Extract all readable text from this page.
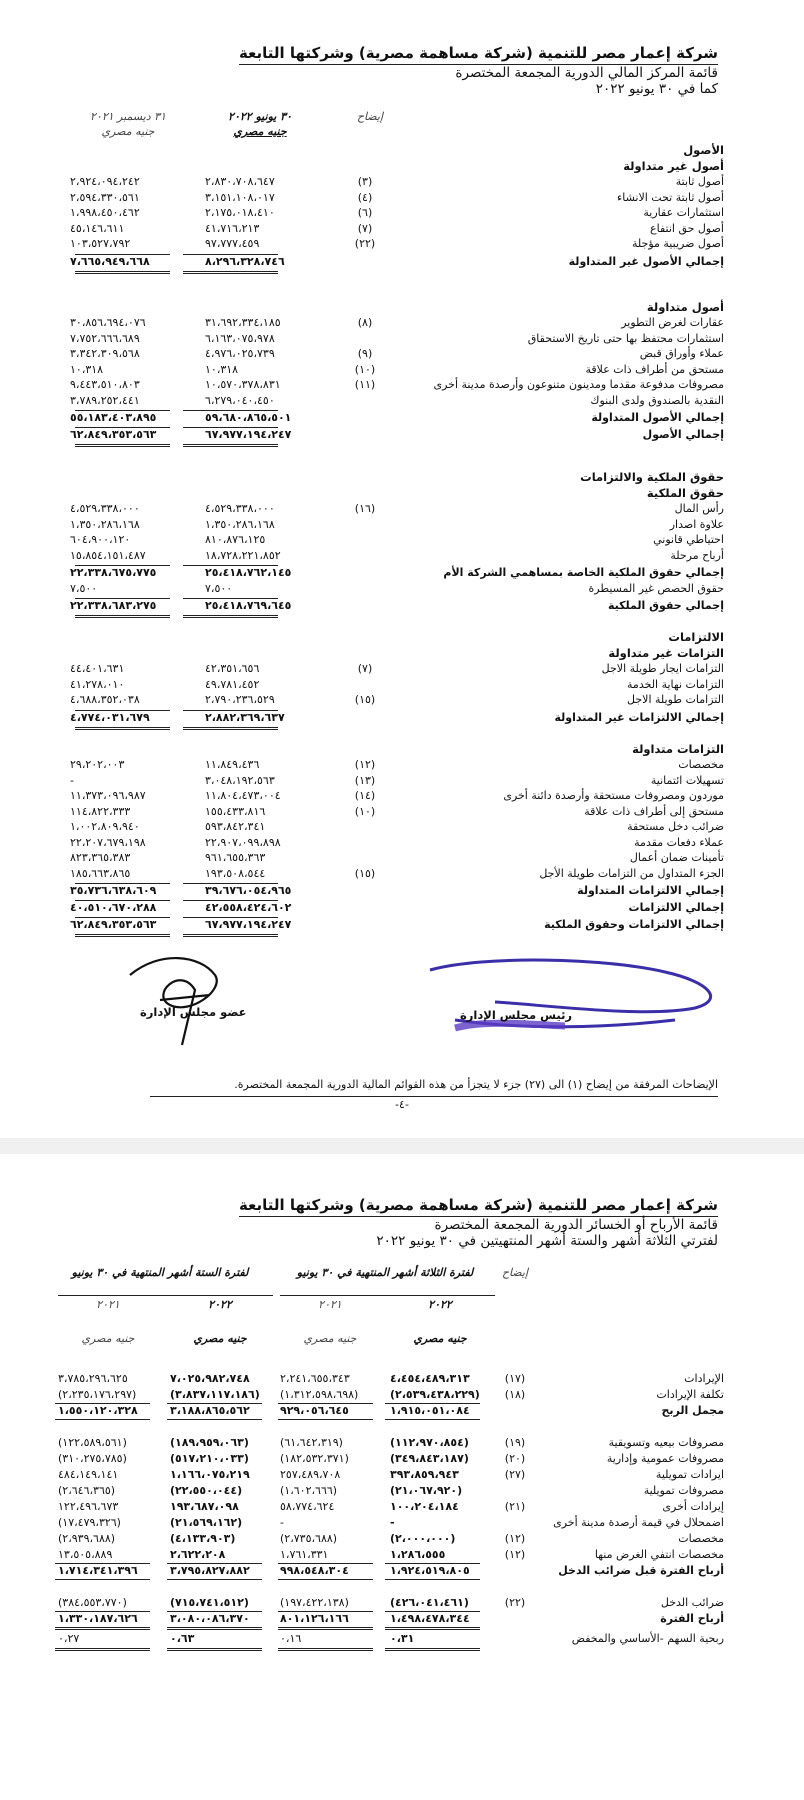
شركة إعمار مصر للتنمية (شركة مساهمة مصرية) وشركتها التابعة
قائمة المركز المالي الدورية المجمعة المختصرة
كما في ٣٠ يونيو ٢٠٢٢
إيضاح
٣٠ يونيو ٢٠٢٢
جنيه مصري
٣١ ديسمبر ٢٠٢١
جنيه مصري
الأصول
أصول غير متداولة
أصول ثابتة
(٣)
٢،٨٣٠،٧٠٨،٦٤٧
٢،٩٢٤،٠٩٤،٢٤٢
أصول ثابتة تحت الانشاء
(٤)
٣،١٥١،١٠٨،٠١٧
٢،٥٩٤،٣٣٠،٥٦١
استثمارات عقارية
(٦)
٢،١٧٥،٠١٨،٤١٠
١،٩٩٨،٤٥٠،٤٦٢
أصول حق انتفاع
(٧)
٤١،٧١٦،٢١٣
٤٥،١٤٦،٦١١
أصول ضريبية مؤجلة
(٢٢)
٩٧،٧٧٧،٤٥٩
١٠٣،٥٢٧،٧٩٢
إجمالي الأصول غير المتداولة
٨،٢٩٦،٣٢٨،٧٤٦
٧،٦٦٥،٩٤٩،٦٦٨
عقارات لغرض التطوير
(٨)
٣١،٦٩٢،٣٣٤،١٨٥
٣٠،٨٥٦،٦٩٤،٠٧٦
استثمارات محتفظ بها حتى تاريخ الاستحقاق
٦،١٦٣،٠٧٥،٩٧٨
٧،٧٥٢،٦٦٦،٦٨٩
عملاء وأوراق قبض
(٩)
٤،٩٧٦،٠٢٥،٧٣٩
٣،٣٤٢،٣٠٩،٥٦٨
مستحق من أطراف ذات علاقة
(١٠)
١٠،٣١٨
١٠،٣١٨
مصروفات مدفوعة مقدما ومدينون متنوعون وأرصدة مدينة أخرى
(١١)
١٠،٥٧٠،٣٧٨،٨٣١
٩،٤٤٣،٥١٠،٨٠٣
النقدية بالصندوق ولدى البنوك
٦،٢٧٩،٠٤٠،٤٥٠
٣،٧٨٩،٢٥٢،٤٤١
إجمالي الأصول المتداولة
٥٩،٦٨٠،٨٦٥،٥٠١
٥٥،١٨٣،٤٠٣،٨٩٥
إجمالي الأصول
٦٧،٩٧٧،١٩٤،٢٤٧
٦٢،٨٤٩،٣٥٣،٥٦٣
رأس المال
(١٦)
٤،٥٢٩،٣٣٨،٠٠٠
٤،٥٢٩،٣٣٨،٠٠٠
علاوة اصدار
١،٣٥٠،٢٨٦،١٦٨
١،٣٥٠،٢٨٦،١٦٨
احتياطي قانوني
٨١٠،٨٧٦،١٢٥
٦٠٤،٩٠٠،١٢٠
أرباح مرحلة
١٨،٧٢٨،٢٢١،٨٥٢
١٥،٨٥٤،١٥١،٤٨٧
إجمالي حقوق الملكية الخاصة بمساهمي الشركة الأم
٢٥،٤١٨،٧٦٢،١٤٥
٢٢،٣٣٨،٦٧٥،٧٧٥
حقوق الحصص غير المسيطرة
٧،٥٠٠
٧،٥٠٠
إجمالي حقوق الملكية
٢٥،٤١٨،٧٦٩،٦٤٥
٢٢،٣٣٨،٦٨٣،٢٧٥
التزامات ايجار طويلة الاجل
(٧)
٤٢،٣٥١،٦٥٦
٤٤،٤٠١،٦٣١
التزامات نهاية الخدمة
٤٩،٧٨١،٤٥٢
٤١،٢٧٨،٠١٠
التزامات طويلة الاجل
(١٥)
٢،٧٩٠،٢٣٦،٥٢٩
٤،٦٨٨،٣٥٢،٠٣٨
إجمالي الالتزامات غير المتداولة
٢،٨٨٢،٣٦٩،٦٣٧
٤،٧٧٤،٠٣١،٦٧٩
مخصصات
(١٢)
١١،٨٤٩،٤٣٦
٢٩،٢٠٢،٠٠٣
تسهيلات ائتمانية
(١٣)
٣،٠٤٨،١٩٢،٥٦٣
-
موردون ومصروفات مستحقة وأرصدة دائنة أخرى
(١٤)
١١،٨٠٤،٤٧٣،٠٠٤
١١،٣٧٣،٠٩٦،٩٨٧
مستحق إلى أطراف ذات علاقة
(١٠)
١٥٥،٤٣٣،٨١٦
١١٤،٨٢٢،٣٣٣
ضرائب دخل مستحقة
٥٩٣،٨٤٢،٣٤١
١،٠٠٢،٨٠٩،٩٤٠
عملاء دفعات مقدمة
٢٢،٩٠٧،٠٩٩،٨٩٨
٢٢،٢٠٧،٦٧٩،١٩٨
تأمينات ضمان أعمال
٩٦١،٦٥٥،٣٦٣
٨٢٣،٣٦٥،٣٨٣
الجزء المتداول من التزامات طويلة الأجل
(١٥)
١٩٣،٥٠٨،٥٤٤
١٨٥،٦٦٣،٨٦٥
إجمالي الالتزامات المتداولة
٣٩،٦٧٦،٠٥٤،٩٦٥
٣٥،٧٣٦،٦٣٨،٦٠٩
إجمالي الالتزامات
٤٢،٥٥٨،٤٢٤،٦٠٢
٤٠،٥١٠،٦٧٠،٢٨٨
إجمالي الالتزامات وحقوق الملكية
٦٧،٩٧٧،١٩٤،٢٤٧
٦٢،٨٤٩،٣٥٣،٥٦٣
أصول متداولة
حقوق الملكية والالتزامات
حقوق الملكية
الالتزامات
التزامات غير متداولة
التزامات متداولة
عضو مجلس الإدارة	رئيس مجلس الإدارة
الإيضاحات المرفقة من إيضاح (١) الى (٢٧) جزء لا يتجزأ من هذه القوائم المالية الدورية المجمعة المختصرة.
-٤-
شركة إعمار مصر للتنمية (شركة مساهمة مصرية) وشركتها التابعة
قائمة الأرباح أو الخسائر الدورية المجمعة المختصرة
لفترتي الثلاثة أشهر والستة أشهر المنتهيتين في ٣٠ يونيو ٢٠٢٢
إيضاح
لفترة الثلاثة أشهر المنتهية في ٣٠ يونيو
لفترة الستة أشهر المنتهية في ٣٠ يونيو
٢٠٢٢
٢٠٢١
٢٠٢٢
٢٠٢١
جنيه مصري
جنيه مصري
جنيه مصري
جنيه مصري
الإيرادات
(١٧)
٤،٤٥٤،٤٨٩،٣١٣
٢،٢٤١،٦٥٥،٣٤٣
٧،٠٢٥،٩٨٢،٧٤٨
٣،٧٨٥،٢٩٦،٦٢٥
تكلفة الإيرادات
(١٨)
(٢،٥٣٩،٤٣٨،٢٢٩)
(١،٣١٢،٥٩٨،٦٩٨)
(٣،٨٣٧،١١٧،١٨٦)
(٢،٢٣٥،١٧٦،٢٩٧)
مجمل الربح
١،٩١٥،٠٥١،٠٨٤
٩٢٩،٠٥٦،٦٤٥
٣،١٨٨،٨٦٥،٥٦٢
١،٥٥٠،١٢٠،٣٢٨
مصروفات بيعيه وتسويقية
(١٩)
(١١٢،٩٧٠،٨٥٤)
(٦١،٦٤٢،٣١٩)
(١٨٩،٩٥٩،٠٦٣)
(١٢٢،٥٨٩،٥٦١)
مصروفات عمومية وإدارية
(٢٠)
(٣٤٩،٨٤٣،١٨٧)
(١٨٢،٥٣٢،٣٧١)
(٥١٧،٢١٠،٠٣٣)
(٣١٠،٢٧٥،٧٨٥)
ايرادات تمويلية
(٢٧)
٣٩٣،٨٥٩،٩٤٣
٢٥٧،٤٨٩،٧٠٨
١،١٦٦،٠٧٥،٢١٩
٤٨٤،١٤٩،١٤١
مصروفات تمويلية
(٢١،٠٦٧،٩٢٠)
(١،٦٠٢،٦٦٦)
(٢٢،٥٥٠،٠٤٤)
(٢،٦٤٦،٣٦٥)
إيرادات أخرى
(٢١)
١٠٠،٢٠٤،١٨٤
٥٨،٧٧٤،٦٢٤
١٩٣،٦٨٧،٠٩٨
١٢٢،٤٩٦،٦٧٣
اضمحلال في قيمة أرصدة مدينة أخرى
-
-
(٢١،٥٦٩،١٦٢)
(١٧،٤٧٩،٣٢٦)
مخصصات
(١٢)
(٢،٠٠٠،٠٠٠)
(٢،٧٣٥،٦٨٨)
(٤،١٣٣،٩٠٣)
(٢،٩٣٩،٦٨٨)
مخصصات انتفي الغرض منها
(١٢)
١،٢٨٦،٥٥٥
١،٧٦١،٣٣١
٢،٦٢٢،٢٠٨
١٣،٥٠٥،٨٨٩
أرباح الفترة قبل ضرائب الدخل
١،٩٢٤،٥١٩،٨٠٥
٩٩٨،٥٤٨،٣٠٤
٣،٧٩٥،٨٢٧،٨٨٢
١،٧١٤،٣٤١،٣٩٦
ضرائب الدخل
(٢٢)
(٤٢٦،٠٤١،٤٦١)
(١٩٧،٤٢٢،١٣٨)
(٧١٥،٧٤١،٥١٢)
(٣٨٤،٥٥٣،٧٧٠)
أرباح الفترة
١،٤٩٨،٤٧٨،٣٤٤
٨٠١،١٢٦،١٦٦
٣،٠٨٠،٠٨٦،٣٧٠
١،٣٣٠،١٨٧،٦٢٦
ربحية السهم -الأساسي والمخفض
٠،٣١
٠،١٦
٠،٦٣
٠،٢٧
